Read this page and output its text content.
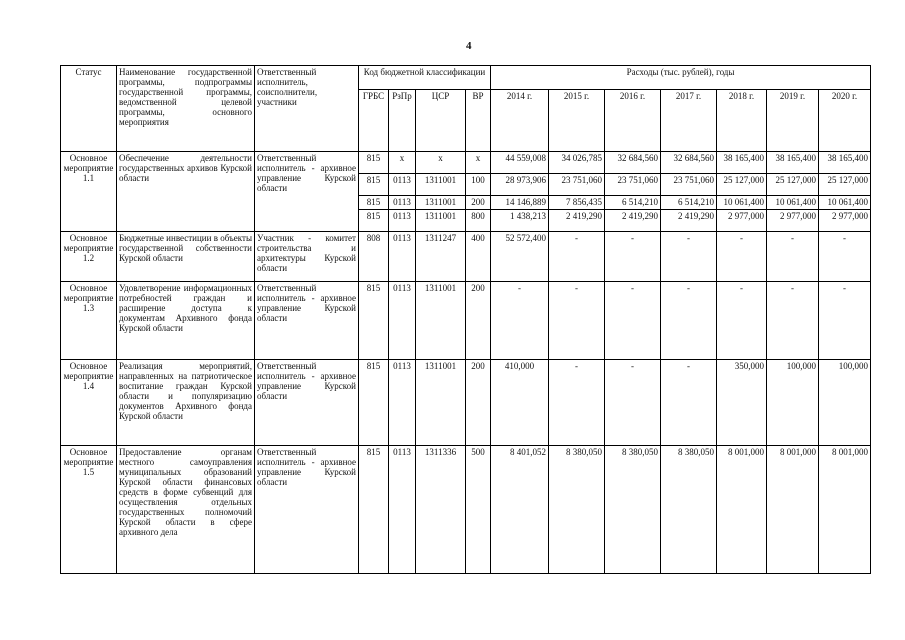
4
Статус	Наименование государственной программы, подпрограммы государственной программы, ведомственной целевой программы, основного мероприятия	Ответственный исполнитель, соисполнители, участники	Код бюджетной классификации				Расходы (тыс. рублей), годы						
			ГРБС	РзПр	ЦСР	ВР	2014 г.	2015 г.	2016 г.	2017 г.	2018 г.	2019 г.	2020 г.
Основное мероприятие 1.1	Обеспечение деятельности государственных архивов Курской области	Ответственный исполнитель - архивное управление Курской области	815	х	х	х	44 559,008	34 026,785	32 684,560	32 684,560	38 165,400	38 165,400	38 165,400
			815	0113	1311001	100	28 973,906	23 751,060	23 751,060	23 751,060	25 127,000	25 127,000	25 127,000
			815	0113	1311001	200	14 146,889	7 856,435	6 514,210	6 514,210	10 061,400	10 061,400	10 061,400
			815	0113	1311001	800	1 438,213	2 419,290	2 419,290	2 419,290	2 977,000	2 977,000	2 977,000
Основное мероприятие 1.2	Бюджетные инвестиции в объекты государственной собственности Курской области	Участник - комитет строительства и архитектуры Курской области	808	0113	1311247	400	52 572,400	-	-	-	-	-	-
Основное мероприятие 1.3	Удовлетворение информационных потребностей граждан и расширение доступа к документам Архивного фонда Курской области	Ответственный исполнитель - архивное управление Курской области	815	0113	1311001	200	-	-	-	-	-	-	-
Основное мероприятие 1.4	Реализация мероприятий, направленных на патриотическое воспитание граждан Курской области и популяризацию документов Архивного фонда Курской области	Ответственный исполнитель - архивное управление Курской области	815	0113	1311001	200	410,000	-	-	-	350,000	100,000	100,000
Основное мероприятие 1.5	Предоставление органам местного самоуправления муниципальных образований Курской области финансовых средств в форме субвенций для осуществления отдельных государственных полномочий Курской области в сфере архивного дела	Ответственный исполнитель - архивное управление Курской области	815	0113	1311336	500	8 401,052	8 380,050	8 380,050	8 380,050	8 001,000	8 001,000	8 001,000
